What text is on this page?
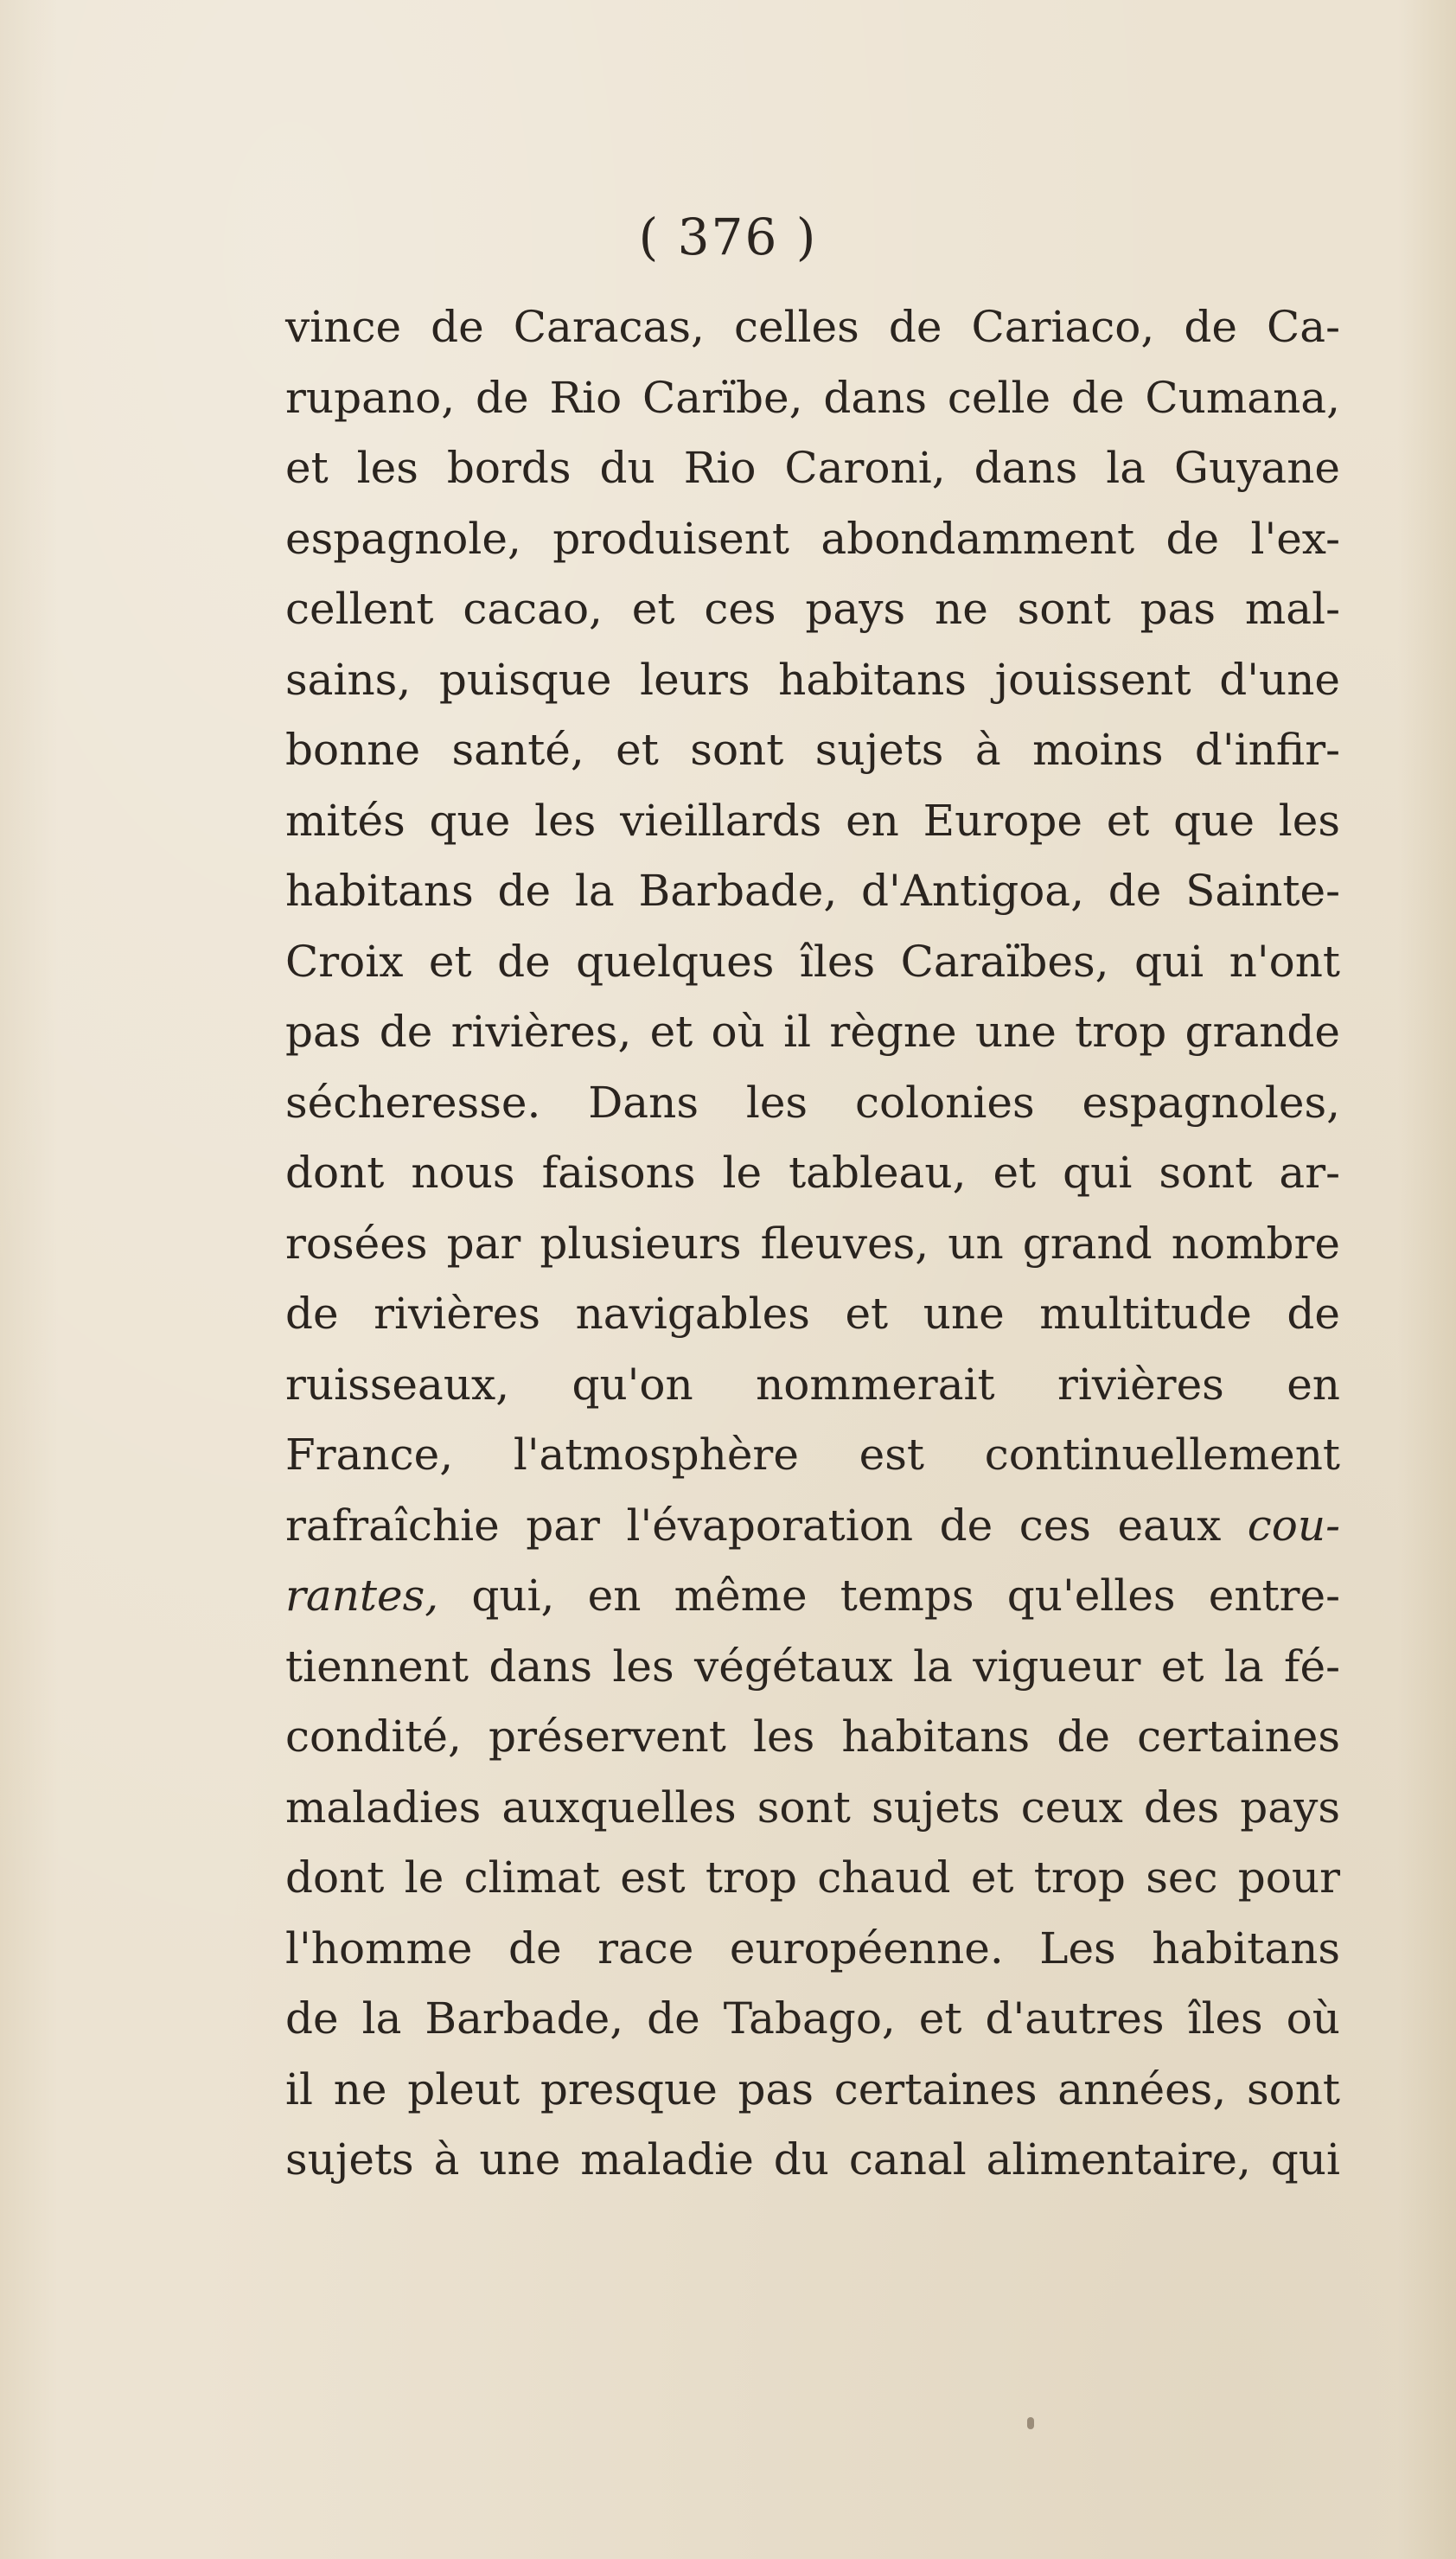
( 376 )
vince de Caracas, celles de Cariaco, de Ca-
rupano, de Rio Carïbe, dans celle de Cumana,
et les bords du Rio Caroni, dans la Guyane
espagnole, produisent abondamment de l'ex-
cellent cacao, et ces pays ne sont pas mal-
sains, puisque leurs habitans jouissent d'une
bonne santé, et sont sujets à moins d'infir-
mités que les vieillards en Europe et que les
habitans de la Barbade, d'Antigoa, de Sainte-
Croix et de quelques îles Caraïbes, qui n'ont
pas de rivières, et où il règne une trop grande
sécheresse. Dans les colonies espagnoles,
dont nous faisons le tableau, et qui sont ar-
rosées par plusieurs fleuves, un grand nombre
de rivières navigables et une multitude de
ruisseaux, qu'on nommerait rivières en
France, l'atmosphère est continuellement
rafraîchie par l'évaporation de ces eaux cou-
rantes, qui, en même temps qu'elles entre-
tiennent dans les végétaux la vigueur et la fé-
condité, préservent les habitans de certaines
maladies auxquelles sont sujets ceux des pays
dont le climat est trop chaud et trop sec pour
l'homme de race européenne. Les habitans
de la Barbade, de Tabago, et d'autres îles où
il ne pleut presque pas certaines années, sont
sujets à une maladie du canal alimentaire, qui
